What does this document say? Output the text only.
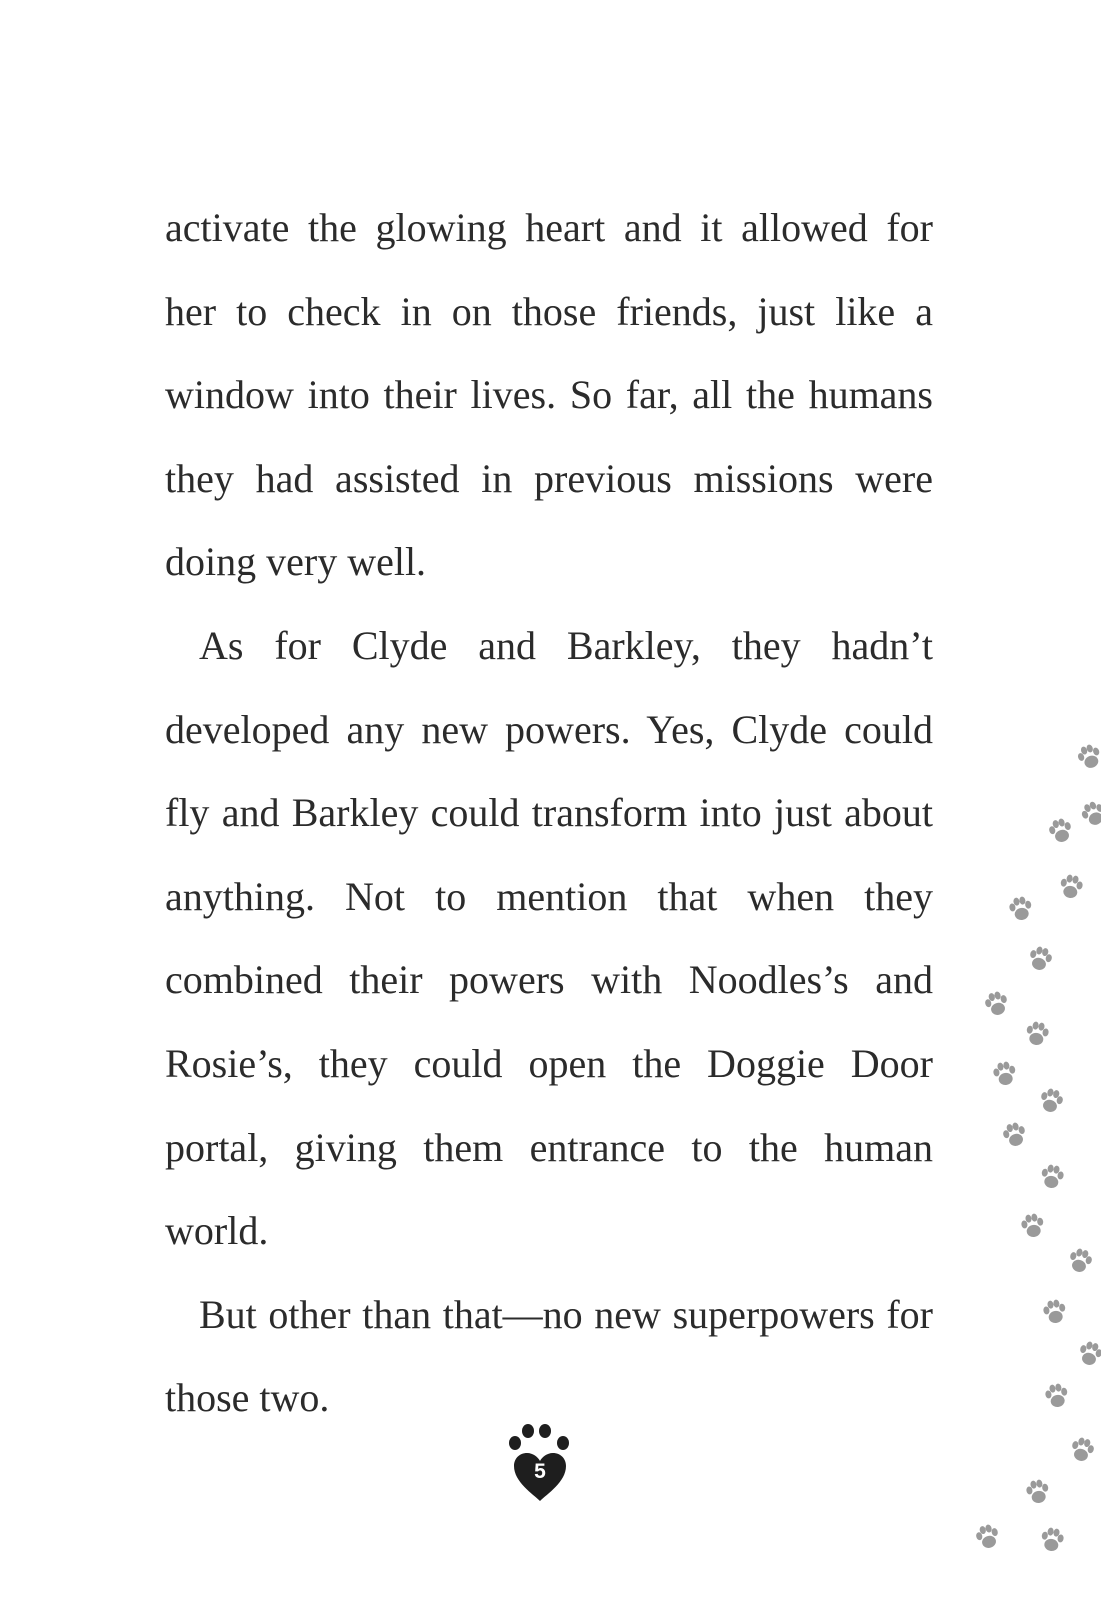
activate the glowing heart and it allowed for her to check in on those friends, just like a window into their lives. So far, all the humans they had assisted in previous missions were doing very well.

As for Clyde and Barkley, they hadn’t developed any new powers. Yes, Clyde could fly and Barkley could transform into just about anything. Not to mention that when they combined their powers with Noodles’s and Rosie’s, they could open the Doggie Door portal, giving them entrance to the human world.

But other than that—no new superpowers for those two.

5
